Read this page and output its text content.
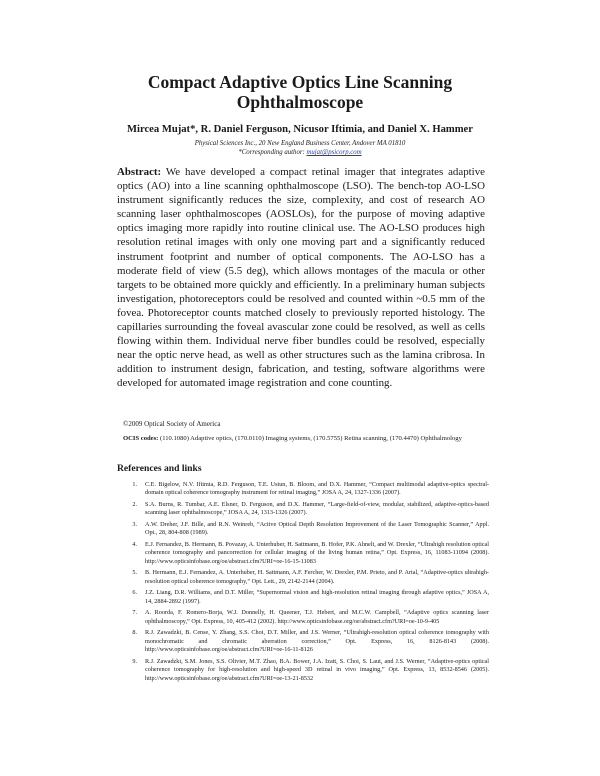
Compact Adaptive Optics Line Scanning
Ophthalmoscope
Mircea Mujat*, R. Daniel Ferguson, Nicusor Iftimia, and Daniel X. Hammer
Physical Sciences Inc., 20 New England Business Center, Andover MA 01810
*Corresponding author: mujat@psicorp.com
Abstract: We have developed a compact retinal imager that integrates adaptive optics (AO) into a line scanning ophthalmoscope (LSO). The bench-top AO-LSO instrument significantly reduces the size, complexity, and cost of research AO scanning laser ophthalmoscopes (AOSLOs), for the purpose of moving adaptive optics imaging more rapidly into routine clinical use. The AO-LSO produces high resolution retinal images with only one moving part and a significantly reduced instrument footprint and number of optical components. The AO-LSO has a moderate field of view (5.5 deg), which allows montages of the macula or other targets to be obtained more quickly and efficiently. In a preliminary human subjects investigation, photoreceptors could be resolved and counted within ~0.5 mm of the fovea. Photoreceptor counts matched closely to previously reported histology. The capillaries surrounding the foveal avascular zone could be resolved, as well as cells flowing within them. Individual nerve fiber bundles could be resolved, especially near the optic nerve head, as well as other structures such as the lamina cribrosa. In addition to instrument design, fabrication, and testing, software algorithms were developed for automated image registration and cone counting.
©2009 Optical Society of America
OCIS codes: (110.1080) Adaptive optics, (170.0110) Imaging systems, (170.5755) Retina scanning, (170.4470) Ophthalmology
References and links
1.	C.E. Bigelow, N.V. Iftimia, R.D. Ferguson, T.E. Ustun, B. Bloom, and D.X. Hammer, “Compact multimodal adaptive-optics spectral-domain optical coherence tomography instrument for retinal imaging,” JOSA A, 24, 1327-1336 (2007).
2.	S.A. Burns, R. Tumbar, A.E. Elsner, D. Ferguson, and D.X. Hammer, “Large-field-of-view, modular, stabilized, adaptive-optics-based scanning laser ophthalmoscope,” JOSA A, 24, 1313-1326 (2007).
3.	A.W. Dreher, J.F. Bille, and R.N. Weinreb, “Active Optical Depth Resolution Improvement of the Laser Tomographic Scanner,” Appl. Opt., 28, 804-808 (1989).
4.	E.J. Fernandez, B. Hermann, B. Povazay, A. Unterhuber, H. Sattmann, B. Hofer, P.K. Ahnelt, and W. Drexler, “Ultrahigh resolution optical coherence tomography and pancorrection for cellular imaging of the living human retina,” Opt. Express, 16, 11083-11094 (2008). http://www.opticsinfobase.org/oe/abstract.cfm?URI=oe-16-15-11083
5.	B. Hermann, E.J. Fernandez, A. Unterhuber, H. Sattmann, A.F. Fercher, W. Drexler, P.M. Prieto, and P. Artal, “Adaptive-optics ultrahigh-resolution optical coherence tomography,” Opt. Lett., 29, 2142-2144 (2004).
6.	J.Z. Liang, D.R. Williams, and D.T. Miller, “Supernormal vision and high-resolution retinal imaging through adaptive optics,” JOSA A, 14, 2884-2892 (1997).
7.	A. Roorda, F. Romero-Borja, W.J. Donnelly, H. Queener, T.J. Hebert, and M.C.W. Campbell, “Adaptive optics scanning laser ophthalmoscopy,” Opt. Express, 10, 405-412 (2002). http://www.opticsinfobase.org/oe/abstract.cfm?URI=oe-10-9-405
8.	R.J. Zawadzki, B. Cense, Y. Zhang, S.S. Choi, D.T. Miller, and J.S. Werner, “Ultrahigh-resolution optical coherence tomography with monochromatic and chromatic aberration correction,” Opt. Express, 16, 8126-8143 (2008). http://www.opticsinfobase.org/oe/abstract.cfm?URI=oe-16-11-8126
9.	R.J. Zawadzki, S.M. Jones, S.S. Olivier, M.T. Zhao, B.A. Bower, J.A. Izatt, S. Choi, S. Laut, and J.S. Werner, “Adaptive-optics optical coherence tomography for high-resolution and high-speed 3D retinal in vivo imaging,” Opt. Express, 13, 8532-8546 (2005). http://www.opticsinfobase.org/oe/abstract.cfm?URI=oe-13-21-8532
